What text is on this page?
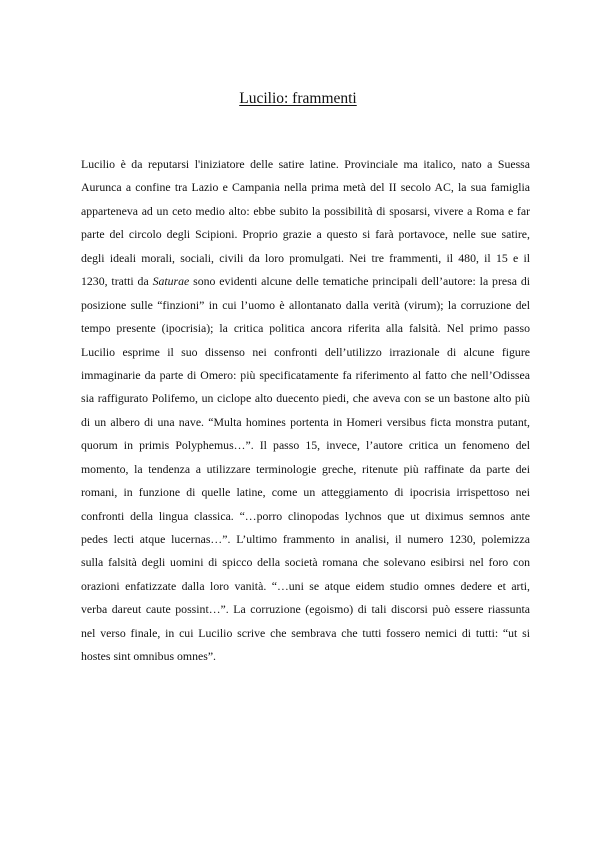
Lucilio: frammenti
Lucilio è da reputarsi l'iniziatore delle satire latine. Provinciale ma italico, nato a Suessa
Aurunca a confine tra Lazio e Campania nella prima metà del II secolo AC, la sua famiglia
apparteneva ad un ceto medio alto: ebbe subito la possibilità di sposarsi, vivere a Roma e far
parte del circolo degli Scipioni. Proprio grazie a questo si farà portavoce, nelle sue satire,
degli ideali morali, sociali, civili da loro promulgati. Nei tre frammenti, il 480, il 15 e il
1230, tratti da Saturae sono evidenti alcune delle tematiche principali dell’autore: la presa di
posizione sulle “finzioni” in cui l’uomo è allontanato dalla verità (virum); la corruzione del
tempo presente (ipocrisia); la critica politica ancora riferita alla falsità. Nel primo passo
Lucilio esprime il suo dissenso nei confronti dell’utilizzo irrazionale di alcune figure
immaginarie da parte di Omero: più specificatamente fa riferimento al fatto che nell’Odissea
sia raffigurato Polifemo, un ciclope alto duecento piedi, che aveva con se un bastone alto più
di un albero di una nave. “Multa homines portenta in Homeri versibus ficta monstra putant,
quorum in primis Polyphemus…”. Il passo 15, invece, l’autore critica un fenomeno del
momento, la tendenza a utilizzare terminologie greche, ritenute più raffinate da parte dei
romani, in funzione di quelle latine, come un atteggiamento di ipocrisia irrispettoso nei
confronti della lingua classica. “…porro clinopodas lychnos que ut diximus semnos ante
pedes lecti atque lucernas…”. L’ultimo frammento in analisi, il numero 1230, polemizza
sulla falsità degli uomini di spicco della società romana che solevano esibirsi nel foro con
orazioni enfatizzate dalla loro vanità. “…uni se atque eidem studio omnes dedere et arti,
verba dareut caute possint…”. La corruzione (egoismo) di tali discorsi può essere riassunta
nel verso finale, in cui Lucilio scrive che sembrava che tutti fossero nemici di tutti: “ut si
hostes sint omnibus omnes”.
